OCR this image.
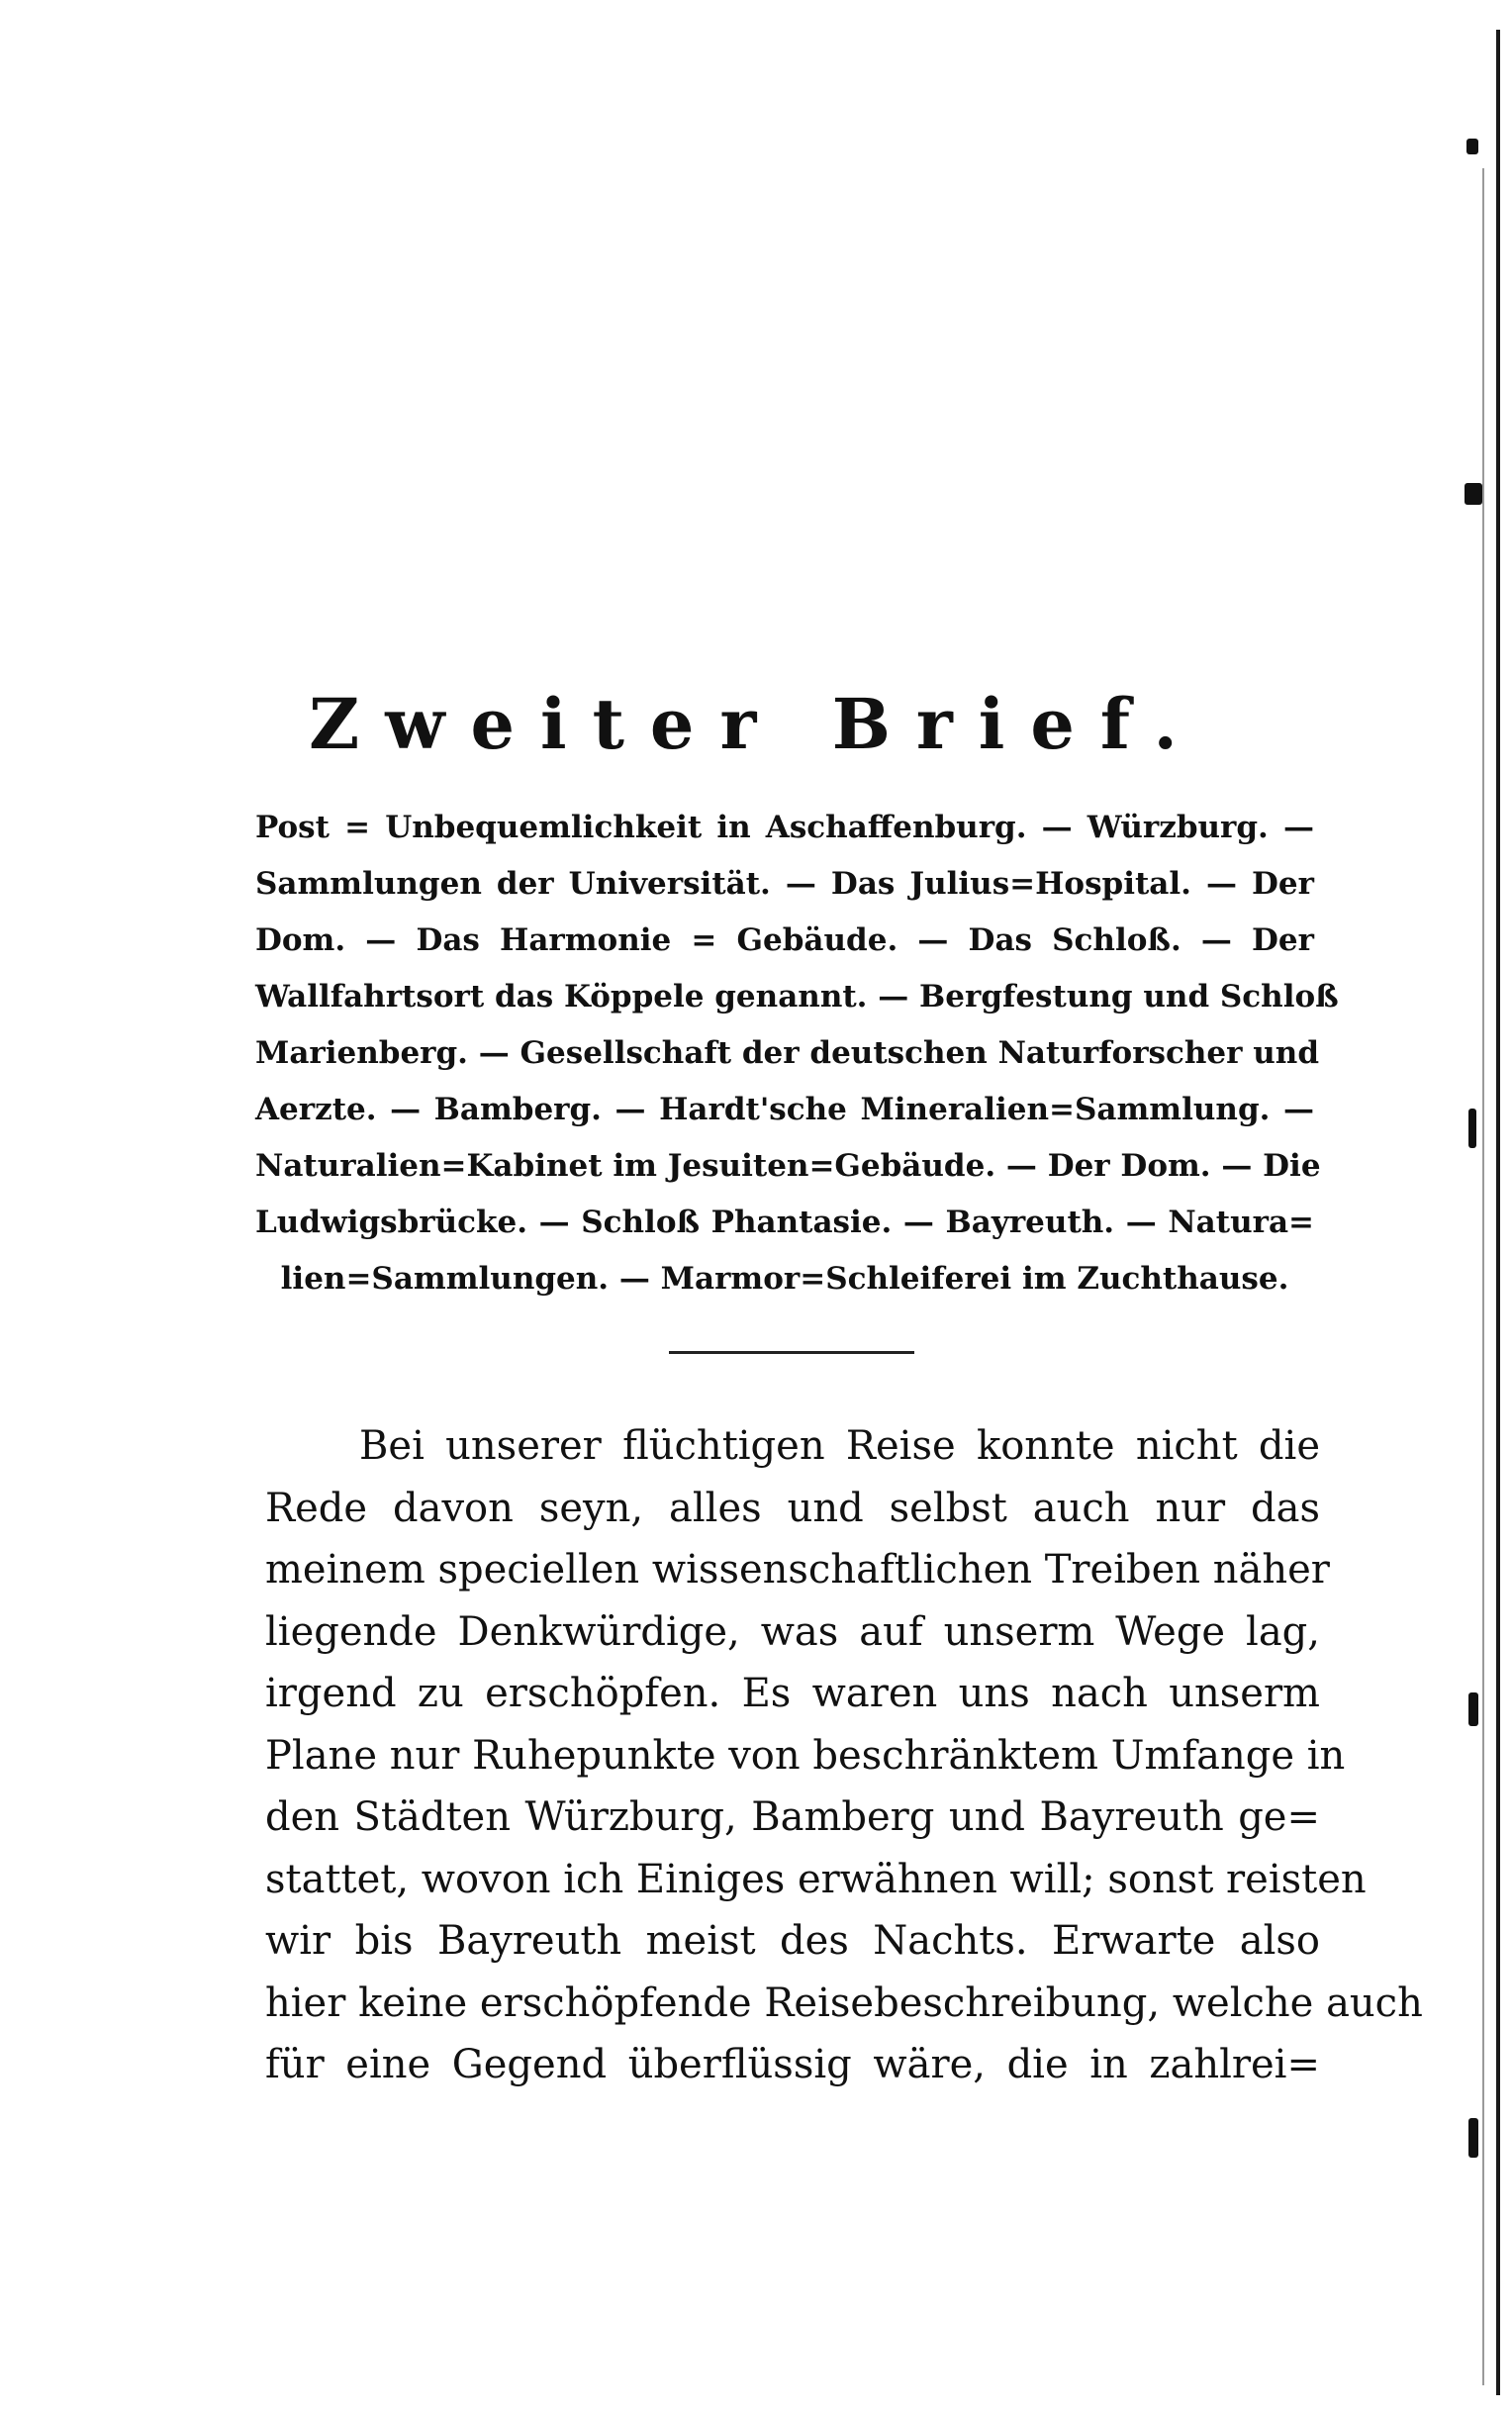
Zweiter Brief.
Post = Unbequemlichkeit in Aschaffenburg. — Würzburg. —
Sammlungen der Universität. — Das Julius=Hospital. — Der
Dom. — Das Harmonie = Gebäude. — Das Schloß. — Der
Wallfahrtsort das Köppele genannt. — Bergfestung und Schloß
Marienberg. — Gesellschaft der deutschen Naturforscher und
Aerzte. — Bamberg. — Hardt'sche Mineralien=Sammlung. —
Naturalien=Kabinet im Jesuiten=Gebäude. — Der Dom. — Die
Ludwigsbrücke. — Schloß Phantasie. — Bayreuth. — Natura=
lien=Sammlungen. — Marmor=Schleiferei im Zuchthause.
Bei unserer flüchtigen Reise konnte nicht die
Rede davon seyn, alles und selbst auch nur das
meinem speciellen wissenschaftlichen Treiben näher
liegende Denkwürdige, was auf unserm Wege lag,
irgend zu erschöpfen. Es waren uns nach unserm
Plane nur Ruhepunkte von beschränktem Umfange in
den Städten Würzburg, Bamberg und Bayreuth ge=
stattet, wovon ich Einiges erwähnen will; sonst reisten
wir bis Bayreuth meist des Nachts. Erwarte also
hier keine erschöpfende Reisebeschreibung, welche auch
für eine Gegend überflüssig wäre, die in zahlrei=
